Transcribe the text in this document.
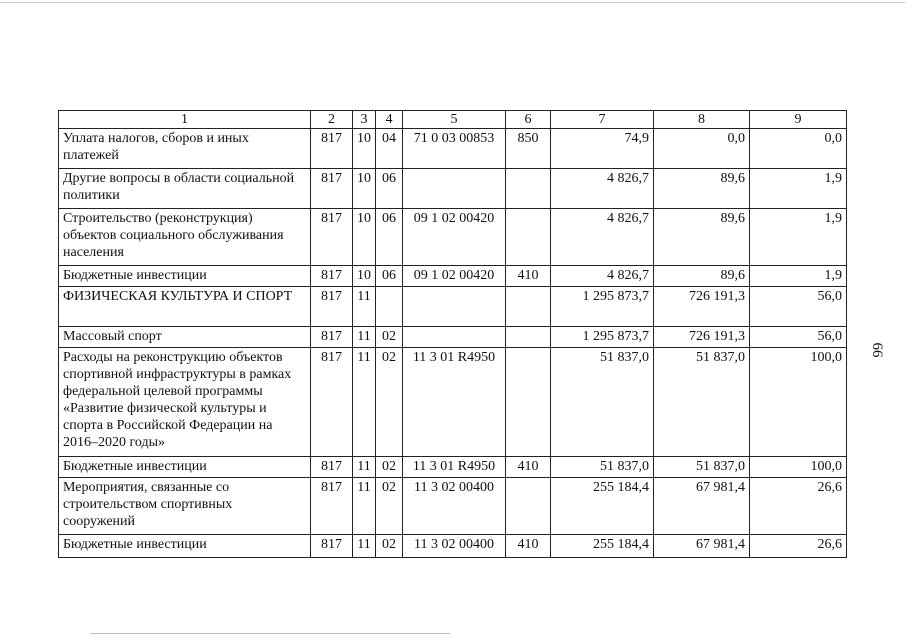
1	2	3	4	5	6	7	8	9
Уплата налогов, сборов и иных платежей	817	10	04	71 0 03 00853	850	74,9	0,0	0,0
Другие вопросы в области социальной политики	817	10	06			4 826,7	89,6	1,9
Строительство (реконструкция) объектов социального обслуживания населения	817	10	06	09 1 02 00420		4 826,7	89,6	1,9
Бюджетные инвестиции	817	10	06	09 1 02 00420	410	4 826,7	89,6	1,9
ФИЗИЧЕСКАЯ КУЛЬТУРА И СПОРТ	817	11				1 295 873,7	726 191,3	56,0
Массовый спорт	817	11	02			1 295 873,7	726 191,3	56,0
Расходы на реконструкцию объектов спортивной инфраструктуры в рамках федеральной целевой программы «Развитие физической культуры и спорта в Российской Федерации на 2016–2020 годы»	817	11	02	11 3 01 R4950		51 837,0	51 837,0	100,0
Бюджетные инвестиции	817	11	02	11 3 01 R4950	410	51 837,0	51 837,0	100,0
Мероприятия, связанные со строительством спортивных сооружений	817	11	02	11 3 02 00400		255 184,4	67 981,4	26,6
Бюджетные инвестиции	817	11	02	11 3 02 00400	410	255 184,4	67 981,4	26,6
66
